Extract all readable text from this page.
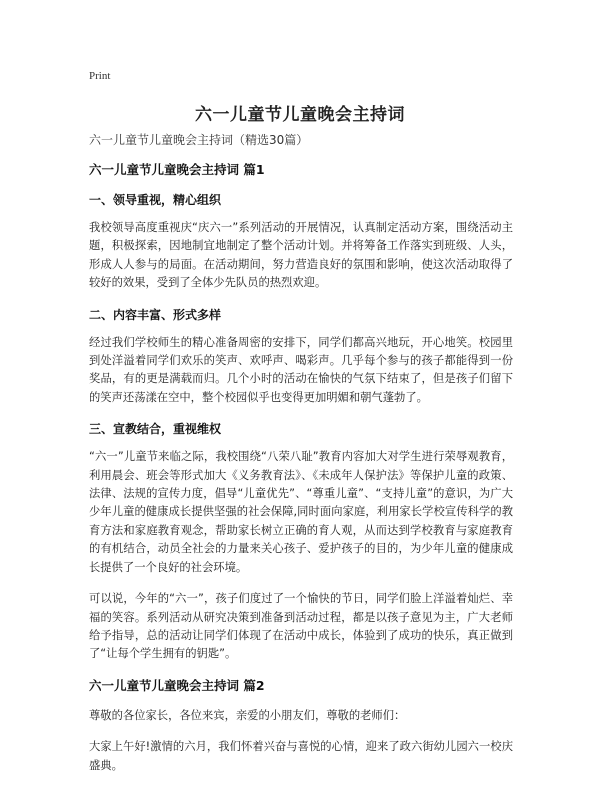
Print
六一儿童节儿童晚会主持词

六一儿童节儿童晚会主持词（精选30篇）

六一儿童节儿童晚会主持词 篇1
一、领导重视，精心组织

我校领导高度重视庆“庆六一”系列活动的开展情况，认真制定活动方案，围绕活动主题，积极探索，因地制宜地制定了整个活动计划。并将筹备工作落实到班级、人头，形成人人参与的局面。在活动期间，努力营造良好的氛围和影响，使这次活动取得了较好的效果，受到了全体少先队员的热烈欢迎。

二、内容丰富、形式多样

经过我们学校师生的精心准备周密的安排下，同学们都高兴地玩，开心地笑。校园里到处洋溢着同学们欢乐的笑声、欢呼声、喝彩声。几乎每个参与的孩子都能得到一份奖品，有的更是满载而归。几个小时的活动在愉快的气氛下结束了，但是孩子们留下的笑声还荡漾在空中，整个校园似乎也变得更加明媚和朝气蓬勃了。

三、宣教结合，重视维权

“六一”儿童节来临之际，我校围绕“八荣八耻”教育内容加大对学生进行荣辱观教育，利用晨会、班会等形式加大《义务教育法》、《未成年人保护法》等保护儿童的政策、法律、法规的宣传力度，倡导“儿童优先”、“尊重儿童”、“支持儿童”的意识，为广大少年儿童的健康成长提供坚强的社会保障,同时面向家庭，利用家长学校宣传科学的教育方法和家庭教育观念，帮助家长树立正确的育人观，从而达到学校教育与家庭教育的有机结合，动员全社会的力量来关心孩子、爱护孩子的目的，为少年儿童的健康成长提供了一个良好的社会环境。

可以说，今年的“六一”，孩子们度过了一个愉快的节日，同学们脸上洋溢着灿烂、幸福的笑容。系列活动从研究决策到准备到活动过程，都是以孩子意见为主，广大老师给予指导，总的活动让同学们体现了在活动中成长，体验到了成功的快乐，真正做到了“让每个学生拥有的钥匙”。

六一儿童节儿童晚会主持词 篇2

尊敬的各位家长，各位来宾，亲爱的小朋友们，尊敬的老师们：

大家上午好!激情的六月，我们怀着兴奋与喜悦的心情，迎来了政六街幼儿园六一校庆盛典。
